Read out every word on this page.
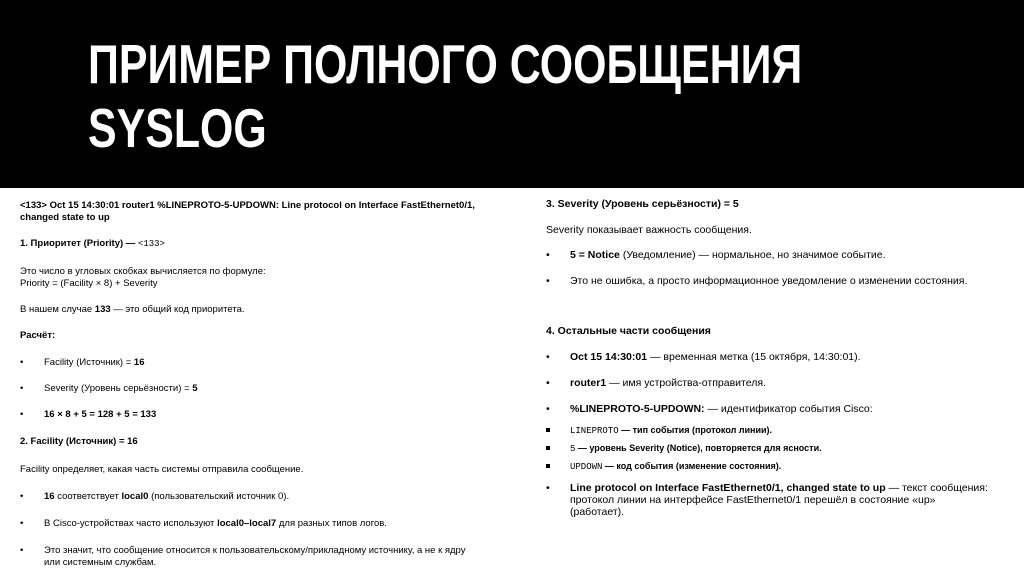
ПРИМЕР ПОЛНОГО СООБЩЕНИЯ
SYSLOG
<133> Oct 15 14:30:01 router1 %LINEPROTO-5-UPDOWN: Line protocol on Interface FastEthernet0/1,
changed state to up
1. Приоритет (Priority) — <133>
Это число в угловых скобках вычисляется по формуле:
Priority = (Facility × 8) + Severity
В нашем случае 133 — это общий код приоритета.
Расчёт:
• Facility (Источник) = 16
• Severity (Уровень серьёзности) = 5
• 16 × 8 + 5 = 128 + 5 = 133
2. Facility (Источник) = 16
Facility определяет, какая часть системы отправила сообщение.
• 16 соответствует local0 (пользовательский источник 0).
• В Cisco-устройствах часто используют local0–local7 для разных типов логов.
• Это значит, что сообщение относится к пользовательскому/прикладному источнику, а не к ядру
или системным службам.
3. Severity (Уровень серьёзности) = 5
Severity показывает важность сообщения.
• 5 = Notice (Уведомление) — нормальное, но значимое событие.
• Это не ошибка, а просто информационное уведомление о изменении состояния.
4. Остальные части сообщения
• Oct 15 14:30:01 — временная метка (15 октября, 14:30:01).
• router1 — имя устройства-отправителя.
• %LINEPROTO-5-UPDOWN: — идентификатор события Cisco:
LINEPROTO — тип события (протокол линии).
5 — уровень Severity (Notice), повторяется для ясности.
UPDOWN — код события (изменение состояния).
• Line protocol on Interface FastEthernet0/1, changed state to up — текст сообщения:
протокол линии на интерфейсе FastEthernet0/1 перешёл в состояние «up»
(работает).
